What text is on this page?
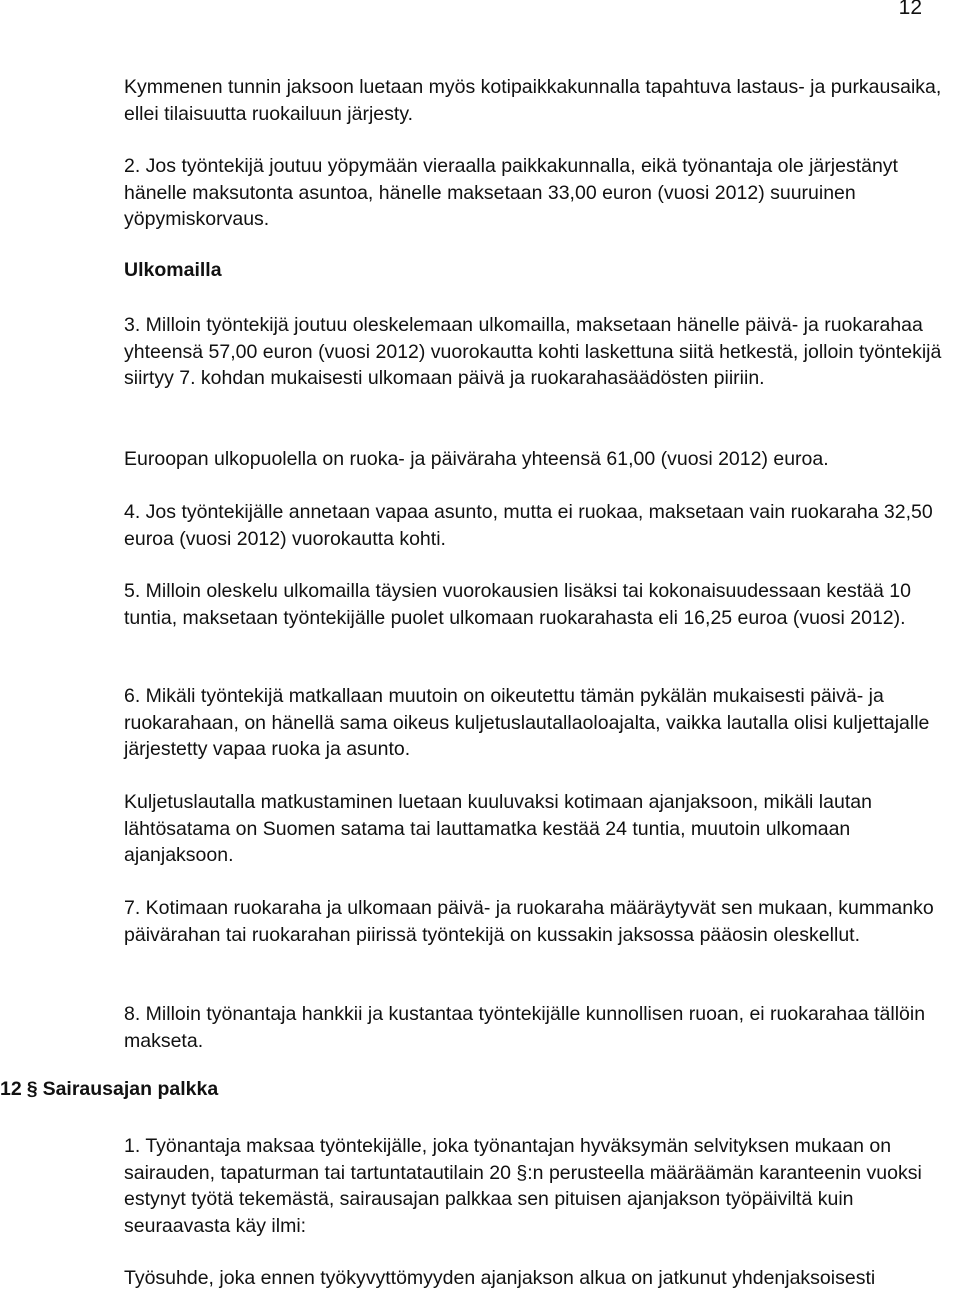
12

Kymmenen tunnin jaksoon luetaan myös kotipaikkakunnalla tapahtuva lastaus- ja purkausaika, ellei tilaisuutta ruokailuun järjesty.

2. Jos työntekijä joutuu yöpymään vieraalla paikkakunnalla, eikä työnantaja ole järjestänyt hänelle maksutonta asuntoa, hänelle maksetaan 33,00 euron (vuosi 2012) suuruinen yöpymiskorvaus.

Ulkomailla

3. Milloin työntekijä joutuu oleskelemaan ulkomailla, maksetaan hänelle päivä- ja ruokarahaa yhteensä 57,00 euron (vuosi 2012) vuorokautta kohti laskettuna siitä hetkestä, jolloin työntekijä siirtyy 7. kohdan mukaisesti ulkomaan päivä ja ruokarahasäädösten piiriin.

Euroopan ulkopuolella on ruoka- ja päiväraha yhteensä 61,00 (vuosi 2012) euroa.

4. Jos työntekijälle annetaan vapaa asunto, mutta ei ruokaa, maksetaan vain ruokaraha 32,50 euroa (vuosi 2012) vuorokautta kohti.

5. Milloin oleskelu ulkomailla täysien vuorokausien lisäksi tai kokonaisuudessaan kestää 10 tuntia, maksetaan työntekijälle puolet ulkomaan ruokarahasta eli 16,25 euroa (vuosi 2012).

6. Mikäli työntekijä matkallaan muutoin on oikeutettu tämän pykälän mukaisesti päivä- ja ruokarahaan, on hänellä sama oikeus kuljetuslautallaoloajalta, vaikka lautalla olisi kuljettajalle järjestetty vapaa ruoka ja asunto.

Kuljetuslautalla matkustaminen luetaan kuuluvaksi kotimaan ajanjaksoon, mikäli lautan lähtösatama on Suomen satama tai lauttamatka kestää 24 tuntia, muutoin ulkomaan ajanjaksoon.

7. Kotimaan ruokaraha ja ulkomaan päivä- ja ruokaraha määräytyvät sen mukaan, kummanko päivärahan tai ruokarahan piirissä työntekijä on kussakin jaksossa pääosin oleskellut.

8. Milloin työnantaja hankkii ja kustantaa työntekijälle kunnollisen ruoan, ei ruokarahaa tällöin makseta.

12 § Sairausajan palkka

1. Työnantaja maksaa työntekijälle, joka työnantajan hyväksymän selvityksen mukaan on sairauden, tapaturman tai tartuntatautilain 20 §:n perusteella määräämän karanteenin vuoksi estynyt työtä tekemästä, sairausajan palkkaa sen pituisen ajanjakson työpäiviltä kuin seuraavasta käy ilmi:

Työsuhde, joka ennen työkyvyttömyyden ajanjakson alkua on jatkunut yhdenjaksoisesti
